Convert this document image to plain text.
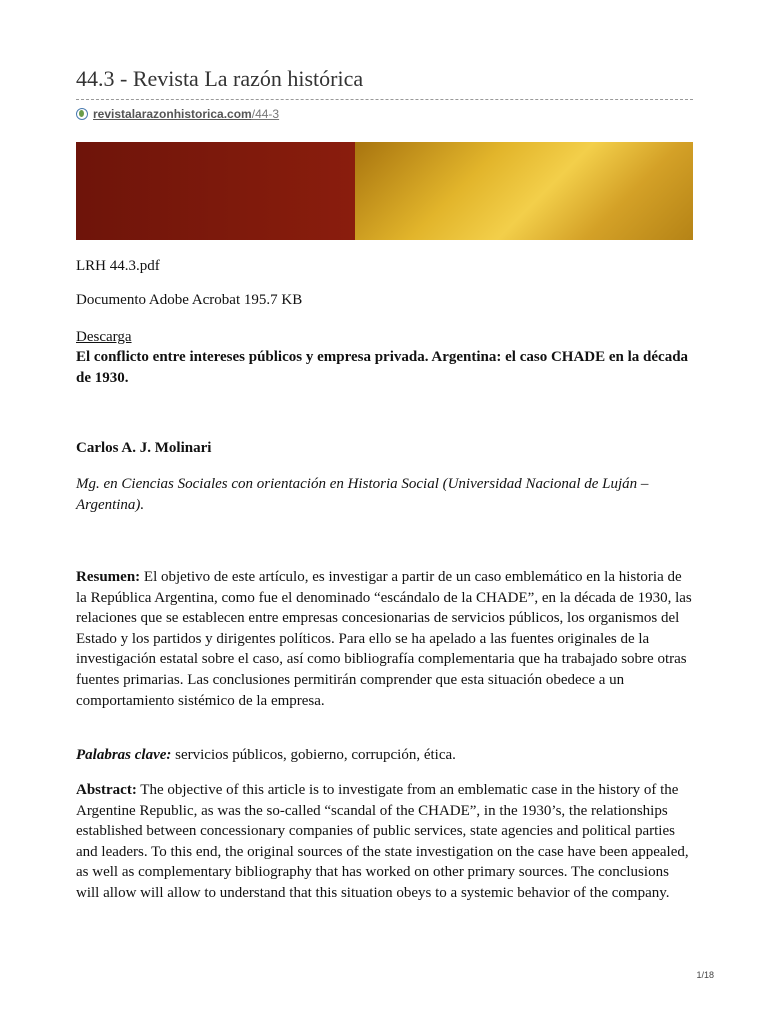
44.3 - Revista La razón histórica
revistalarazonhistorica.com/44-3

LRH 44.3.pdf

Documento Adobe Acrobat 195.7 KB

Descarga

El conflicto entre intereses públicos y empresa privada. Argentina: el caso CHADE en la década de 1930.

Carlos A. J. Molinari

Mg. en Ciencias Sociales con orientación en Historia Social (Universidad Nacional de Luján – Argentina).

Resumen: El objetivo de este artículo, es investigar a partir de un caso emblemático en la historia de la República Argentina, como fue el denominado “escándalo de la CHADE”, en la década de 1930, las relaciones que se establecen entre empresas concesionarias de servicios públicos, los organismos del Estado y los partidos y dirigentes políticos. Para ello se ha apelado a las fuentes originales de la investigación estatal sobre el caso, así como bibliografía complementaria que ha trabajado sobre otras fuentes primarias. Las conclusiones permitirán comprender que esta situación obedece a un comportamiento sistémico de la empresa.

Palabras clave: servicios públicos, gobierno, corrupción, ética.

Abstract: The objective of this article is to investigate from an emblematic case in the history of the Argentine Republic, as was the so-called “scandal of the CHADE”, in the 1930’s, the relationships established between concessionary companies of public services, state agencies and political parties and leaders. To this end, the original sources of the state investigation on the case have been appealed, as well as complementary bibliography that has worked on other primary sources. The conclusions will allow will allow to understand that this situation obeys to a systemic behavior of the company.

1/18
